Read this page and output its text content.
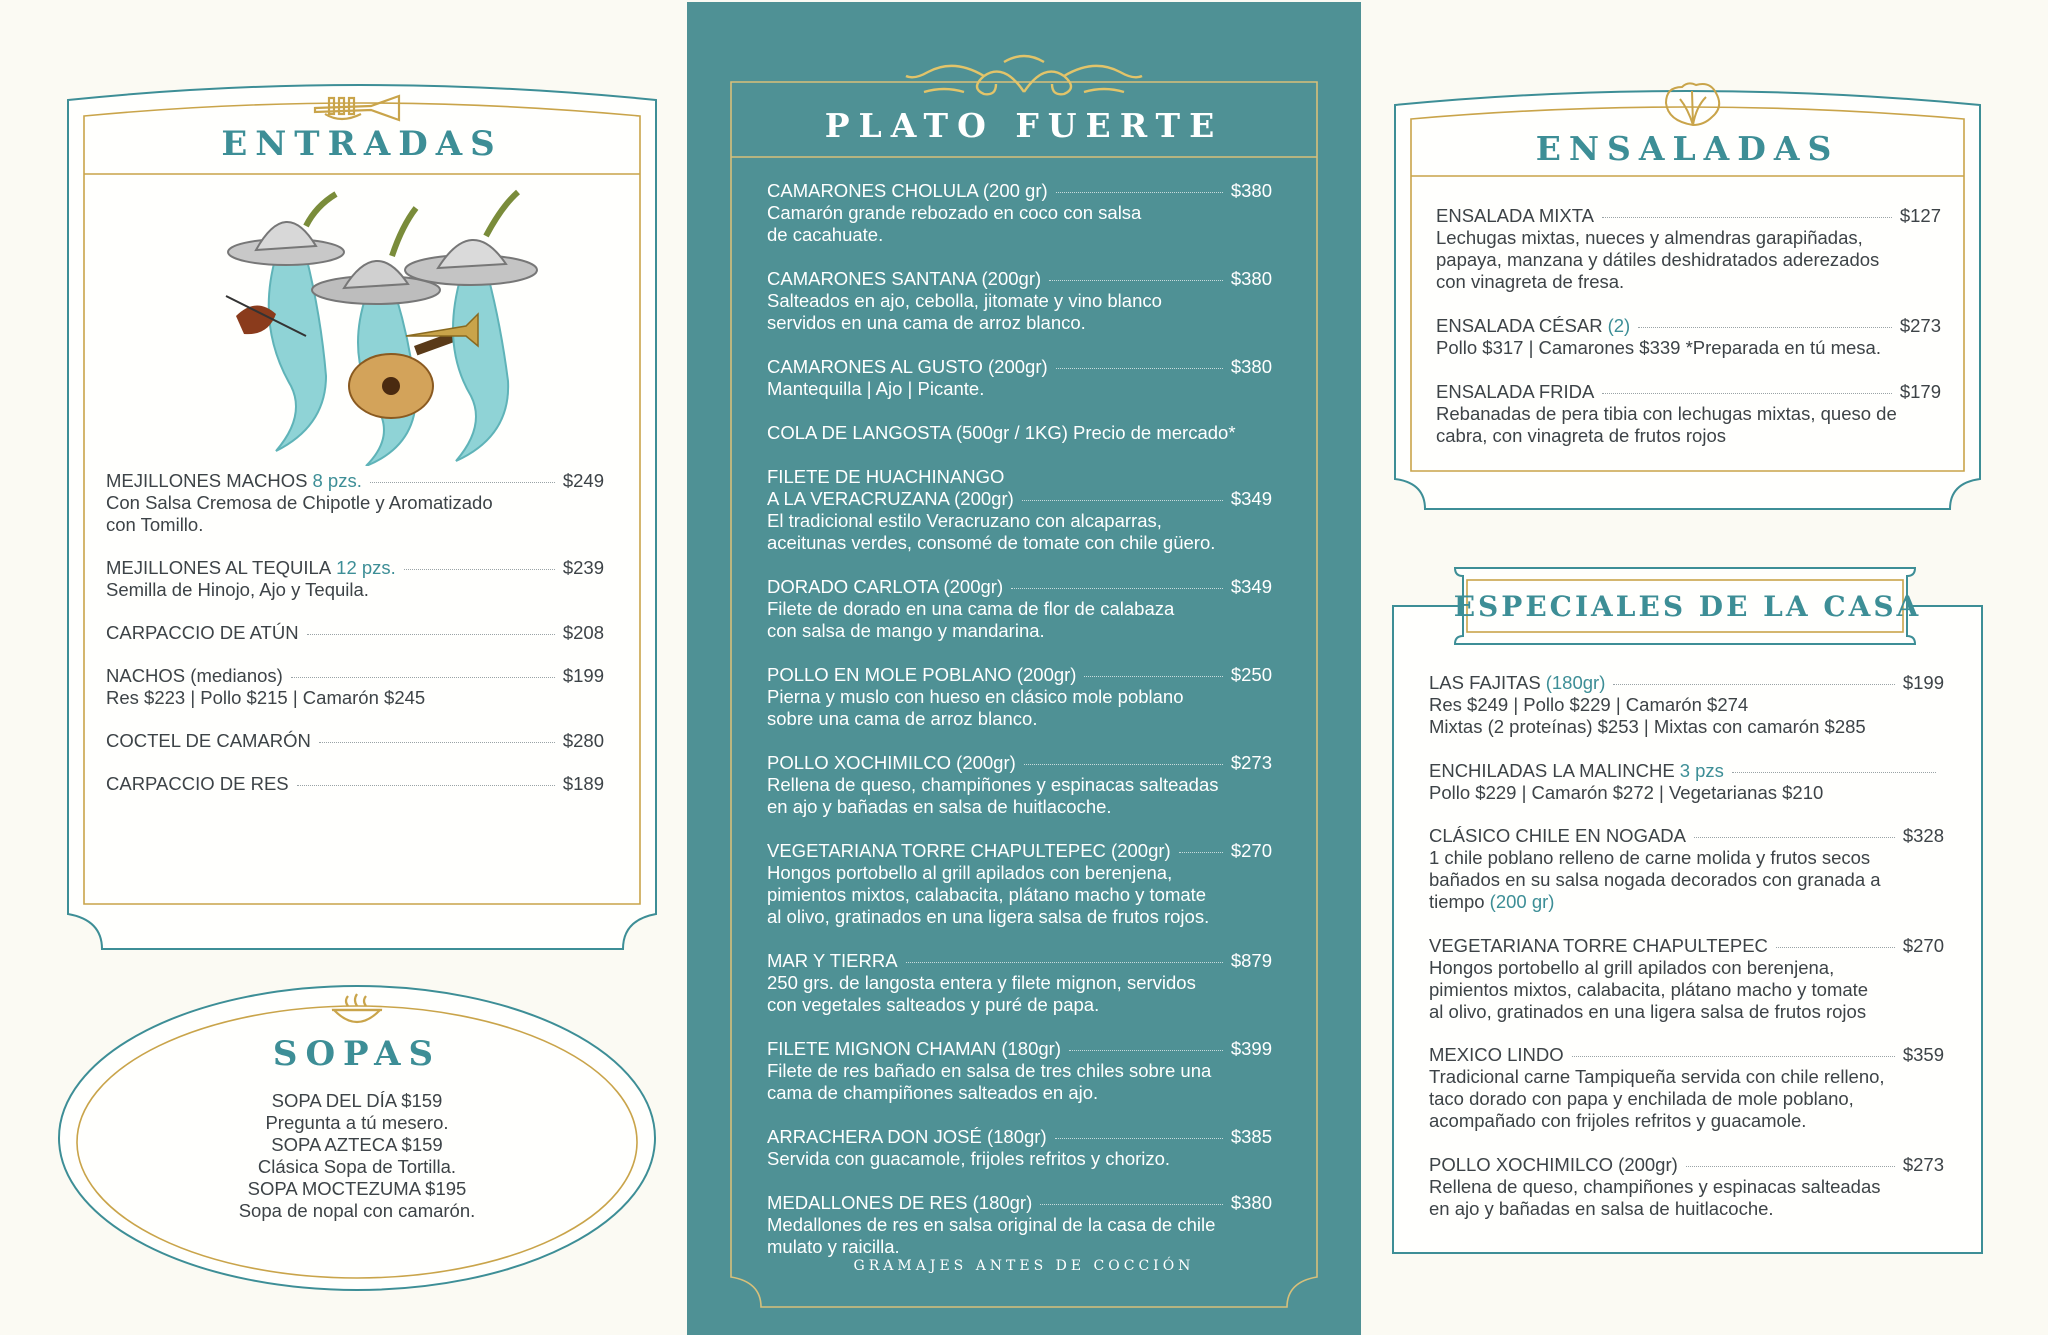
ENTRADAS
MEJILLONES MACHOS 8 pzs.	$249
Con Salsa Cremosa de Chipotle y Aromatizado
con Tomillo.
MEJILLONES AL TEQUILA 12 pzs.	$239
Semilla de Hinojo, Ajo y Tequila.
CARPACCIO DE ATÚN	$208
NACHOS (medianos)	$199
Res $223 | Pollo $215 | Camarón $245
COCTEL DE CAMARÓN	$280
CARPACCIO DE RES	$189
SOPAS
SOPA DEL DÍA $159
Pregunta a tú mesero.
SOPA AZTECA $159
Clásica Sopa de Tortilla.
SOPA MOCTEZUMA $195
Sopa de nopal con camarón.
PLATO FUERTE
CAMARONES CHOLULA (200 gr)	$380
Camarón grande rebozado en coco con salsa
de cacahuate.
CAMARONES SANTANA (200gr)	$380
Salteados en ajo, cebolla, jitomate y vino blanco
servidos en una cama de arroz blanco.
CAMARONES AL GUSTO (200gr)	$380
Mantequilla | Ajo | Picante.
COLA DE LANGOSTA (500gr / 1KG) Precio de mercado*
FILETE DE HUACHINANGO
A LA VERACRUZANA (200gr)	$349
El tradicional estilo Veracruzano con alcaparras,
aceitunas verdes, consomé de tomate con chile güero.
DORADO CARLOTA (200gr)	$349
Filete de dorado en una cama de flor de calabaza
con salsa de mango y mandarina.
POLLO EN MOLE POBLANO (200gr)	$250
Pierna y muslo con hueso en clásico mole poblano
sobre una cama de arroz blanco.
POLLO XOCHIMILCO (200gr)	$273
Rellena de queso, champiñones y espinacas salteadas
en ajo y bañadas en salsa de huitlacoche.
VEGETARIANA TORRE CHAPULTEPEC (200gr)	$270
Hongos portobello al grill apilados con berenjena,
pimientos mixtos, calabacita, plátano macho y tomate
al olivo, gratinados en una ligera salsa de frutos rojos.
MAR Y TIERRA	$879
250 grs. de langosta entera y filete mignon, servidos
con vegetales salteados y puré de papa.
FILETE MIGNON CHAMAN (180gr)	$399
Filete de res bañado en salsa de tres chiles sobre una
cama de champiñones salteados en ajo.
ARRACHERA DON JOSÉ (180gr)	$385
Servida con guacamole, frijoles refritos y chorizo.
MEDALLONES DE RES (180gr)	$380
Medallones de res en salsa original de la casa de chile
mulato y raicilla.
GRAMAJES ANTES DE COCCIÓN
ENSALADAS
ENSALADA MIXTA	$127
Lechugas mixtas, nueces y almendras garapiñadas,
papaya, manzana y dátiles deshidratados aderezados
con vinagreta de fresa.
ENSALADA CÉSAR (2)	$273
Pollo $317 | Camarones $339 *Preparada en tú mesa.
ENSALADA FRIDA	$179
Rebanadas de pera tibia con lechugas mixtas, queso de
cabra, con vinagreta de frutos rojos
ESPECIALES DE LA CASA
LAS FAJITAS (180gr)	$199
Res $249 | Pollo $229 | Camarón $274
Mixtas (2 proteínas) $253 | Mixtas con camarón $285
ENCHILADAS LA MALINCHE 3 pzs
Pollo $229 | Camarón $272 | Vegetarianas $210
CLÁSICO CHILE EN NOGADA	$328
1 chile poblano relleno de carne molida y frutos secos
bañados en su salsa nogada decorados con granada a
tiempo (200 gr)
VEGETARIANA TORRE CHAPULTEPEC	$270
Hongos portobello al grill apilados con berenjena,
pimientos mixtos, calabacita, plátano macho y tomate
al olivo, gratinados en una ligera salsa de frutos rojos
MEXICO LINDO	$359
Tradicional carne Tampiqueña servida con chile relleno,
taco dorado con papa y enchilada de mole poblano,
acompañado con frijoles refritos y guacamole.
POLLO XOCHIMILCO (200gr)	$273
Rellena de queso, champiñones y espinacas salteadas
en ajo y bañadas en salsa de huitlacoche.
